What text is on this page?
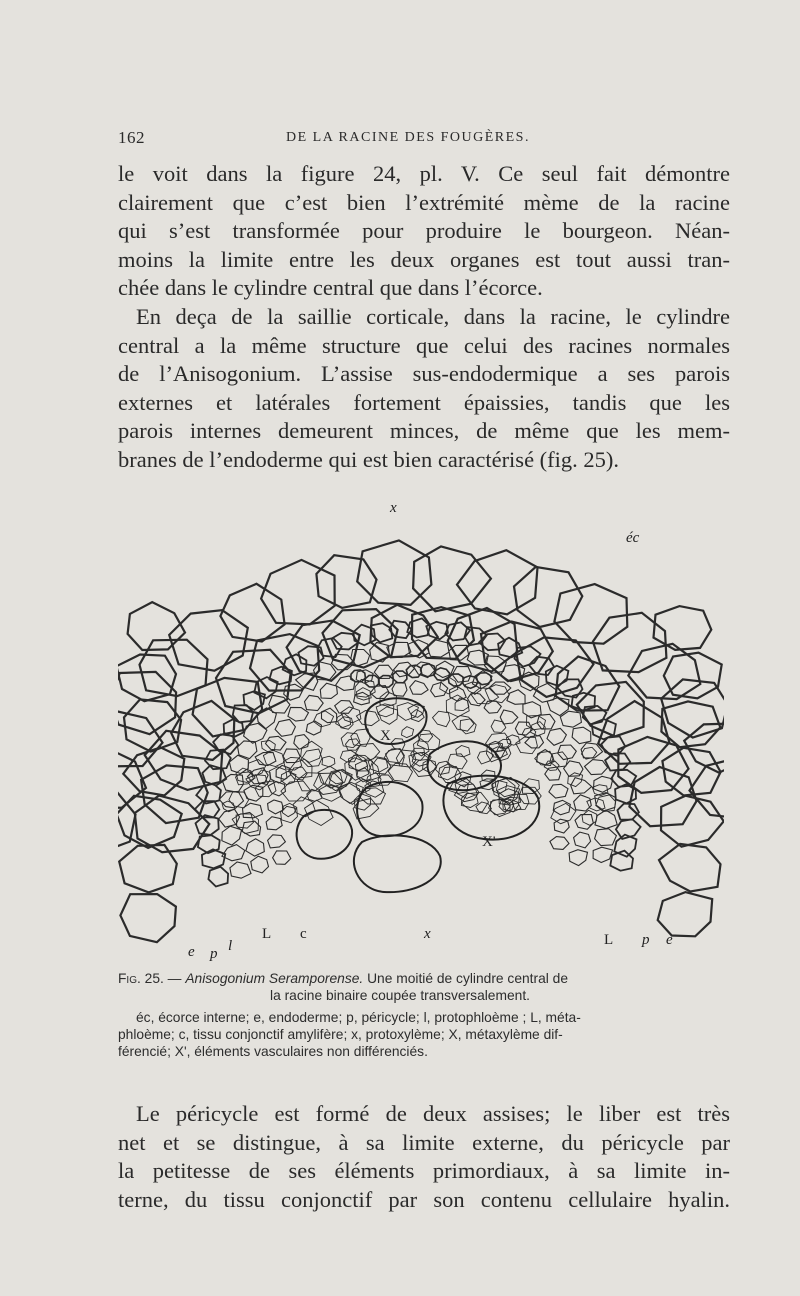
162	DE LA RACINE DES FOUGÈRES.
le voit dans la figure 24, pl. V. Ce seul fait démontre
clairement que c’est bien l’extrémité mème de la racine
qui s’est transformée pour produire le bourgeon. Néan-
moins la limite entre les deux organes est tout aussi tran-
chée dans le cylindre central que dans l’écorce.
En deça de la saillie corticale, dans la racine, le cylindre
central a la même structure que celui des racines normales
de l’Anisogonium. L’assise sus-endodermique a ses parois
externes et latérales fortement épaissies, tandis que les
parois internes demeurent minces, de même que les mem-
branes de l’endoderme qui est bien caractérisé (fig. 25).
x
éc
X
X'
e p l
L c	x	L p e
Fig. 25. — Anisogonium Seramporense. Une moitié de cylindre central de
la racine binaire coupée transversalement.
éc, écorce interne; e, endoderme; p, péricycle; l, protophloème ; L, méta-
phloème; c, tissu conjonctif amylifère; x, protoxylème; X, métaxylème dif-
férencié; X', éléments vasculaires non différenciés.
Le péricycle est formé de deux assises; le liber est très
net et se distingue, à sa limite externe, du péricycle par
la petitesse de ses éléments primordiaux, à sa limite in-
terne, du tissu conjonctif par son contenu cellulaire hyalin.
